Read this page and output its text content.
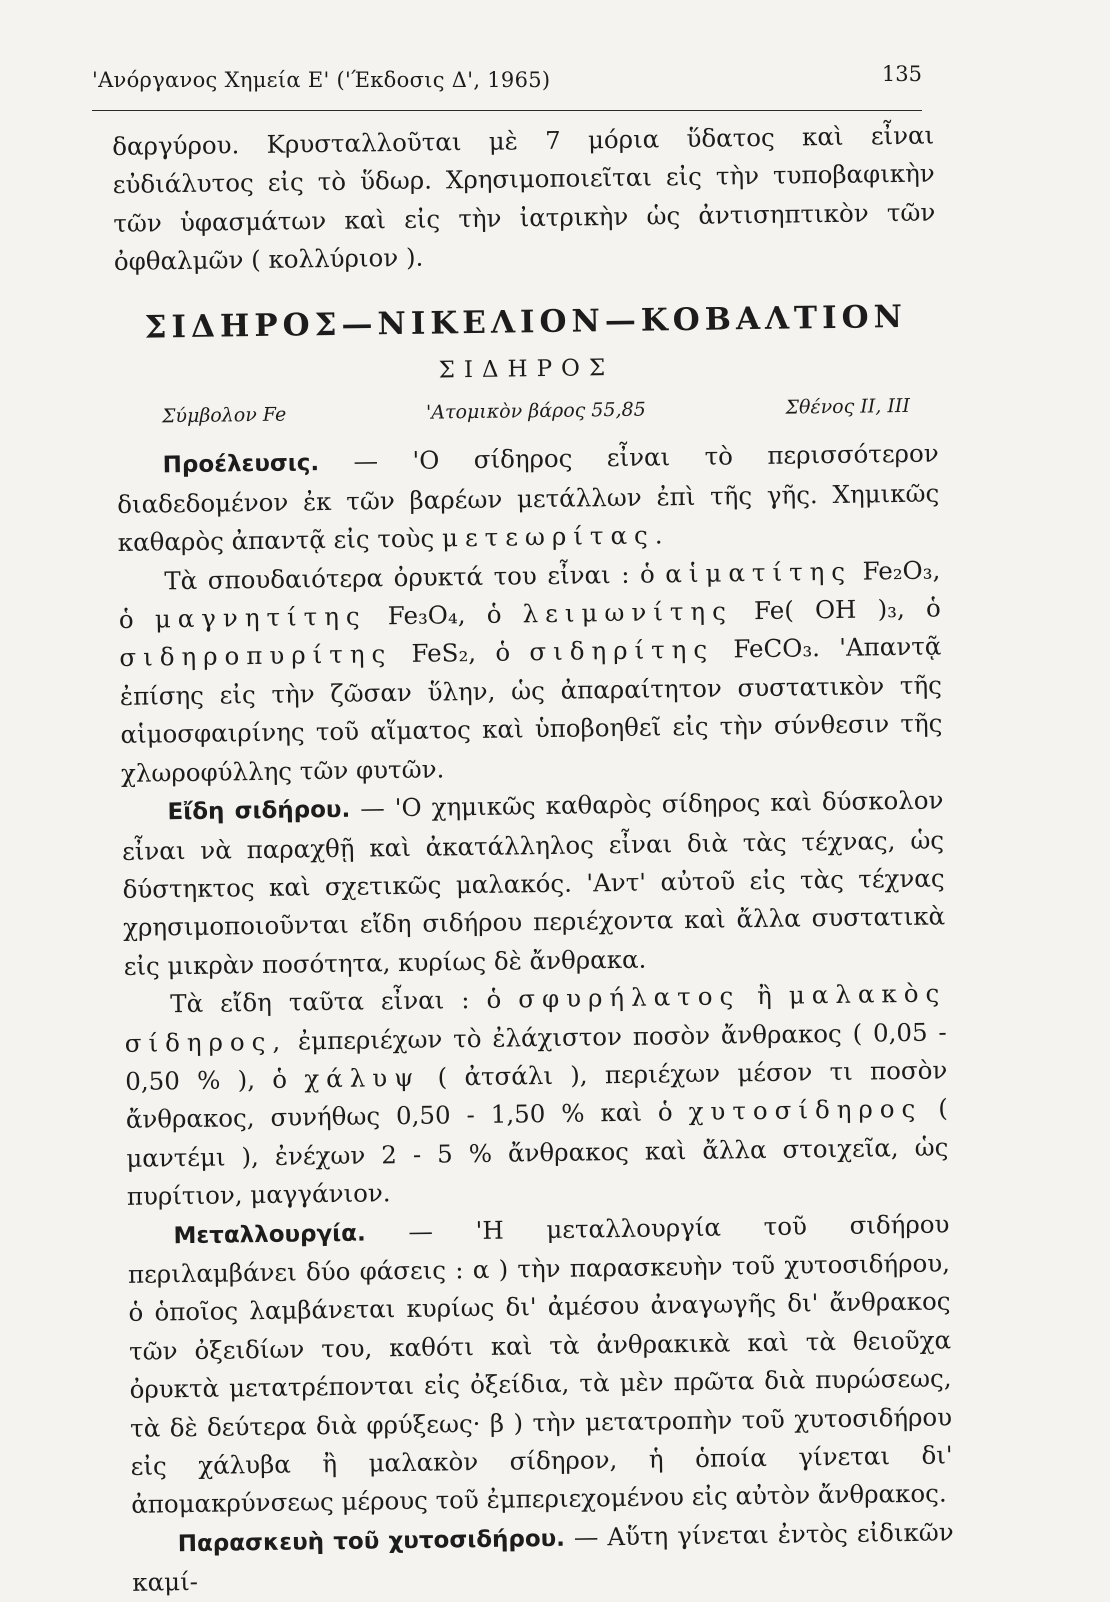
'Ανόργανος Χημεία Ε' ('Έκδοσις Δ', 1965)	135

δαργύρου. Κρυσταλλοῦται μὲ 7 μόρια ὕδατος καὶ εἶναι εὐδιάλυτος εἰς τὸ ὕδωρ. Χρησιμοποιεῖται εἰς τὴν τυποβαφικὴν τῶν ὑφασμάτων καὶ εἰς τὴν ἰατρικὴν ὡς ἀντισηπτικὸν τῶν ὀφθαλμῶν ( κολλύριον ).

ΣΙΔΗΡΟΣ—ΝΙΚΕΛΙΟΝ—ΚΟΒΑΛΤΙΟΝ
ΣΙΔΗΡΟΣ
Σύμβολον Fe	'Ατομικὸν βάρος 55,85	Σθένος II, III

Προέλευσις. — 'Ο σίδηρος εἶναι τὸ περισσότερον διαδεδομένον ἐκ τῶν βαρέων μετάλλων ἐπὶ τῆς γῆς. Χημικῶς καθαρὸς ἀπαντᾷ εἰς τοὺς μετεωρίτας.

Τὰ σπουδαιότερα ὀρυκτά του εἶναι : ὁ αἱματίτης Fe₂O₃, ὁ μαγνητίτης Fe₃O₄, ὁ λειμωνίτης Fe( OH )₃, ὁ σιδηροπυρίτης FeS₂, ὁ σιδηρίτης FeCO₃. 'Απαντᾷ ἐπίσης εἰς τὴν ζῶσαν ὕλην, ὡς ἀπαραίτητον συστατικὸν τῆς αἱμοσφαιρίνης τοῦ αἵματος καὶ ὑποβοηθεῖ εἰς τὴν σύνθεσιν τῆς χλωροφύλλης τῶν φυτῶν.

Εἴδη σιδήρου. — 'Ο χημικῶς καθαρὸς σίδηρος καὶ δύσκολον εἶναι νὰ παραχθῇ καὶ ἀκατάλληλος εἶναι διὰ τὰς τέχνας, ὡς δύστηκτος καὶ σχετικῶς μαλακός. 'Αντ' αὐτοῦ εἰς τὰς τέχνας χρησιμοποιοῦνται εἴδη σιδήρου περιέχοντα καὶ ἄλλα συστατικὰ εἰς μικρὰν ποσότητα, κυρίως δὲ ἄνθρακα.

Τὰ εἴδη ταῦτα εἶναι : ὁ σφυρήλατος ἢ μαλακὸς σίδηρος, ἐμπεριέχων τὸ ἐλάχιστον ποσὸν ἄνθρακος ( 0,05 - 0,50 % ), ὁ χάλυψ ( ἀτσάλι ), περιέχων μέσον τι ποσὸν ἄνθρακος, συνήθως 0,50 - 1,50 % καὶ ὁ χυτοσίδηρος ( μαντέμι ), ἐνέχων 2 - 5 % ἄνθρακος καὶ ἄλλα στοιχεῖα, ὡς πυρίτιον, μαγγάνιον.

Μεταλλουργία. — 'Η μεταλλουργία τοῦ σιδήρου περιλαμβάνει δύο φάσεις : α ) τὴν παρασκευὴν τοῦ χυτοσιδήρου, ὁ ὁποῖος λαμβάνεται κυρίως δι' ἀμέσου ἀναγωγῆς δι' ἄνθρακος τῶν ὀξειδίων του, καθότι καὶ τὰ ἀνθρακικὰ καὶ τὰ θειοῦχα ὀρυκτὰ μετατρέπονται εἰς ὀξείδια, τὰ μὲν πρῶτα διὰ πυρώσεως, τὰ δὲ δεύτερα διὰ φρύξεως· β ) τὴν μετατροπὴν τοῦ χυτοσιδήρου εἰς χάλυβα ἢ μαλακὸν σίδηρον, ἡ ὁποία γίνεται δι' ἀπομακρύνσεως μέρους τοῦ ἐμπεριεχομένου εἰς αὐτὸν ἄνθρακος.

Παρασκευὴ τοῦ χυτοσιδήρου. — Αὕτη γίνεται ἐντὸς εἰδικῶν καμί-
